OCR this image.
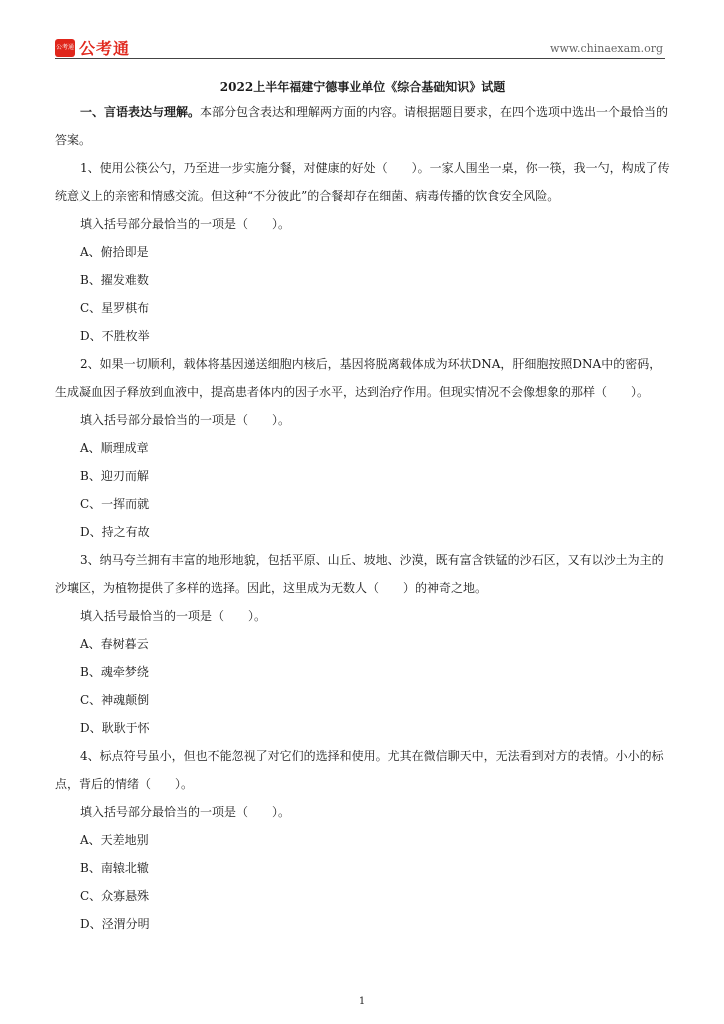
公考通 公考通	www.chinaexam.org
2022上半年福建宁德事业单位《综合基础知识》试题

一、言语表达与理解。本部分包含表达和理解两方面的内容。请根据题目要求，在四个选项中选出一个最恰当的答案。

1、使用公筷公勺，乃至进一步实施分餐，对健康的好处（　　）。一家人围坐一桌，你一筷，我一勺，构成了传统意义上的亲密和情感交流。但这种“不分彼此”的合餐却存在细菌、病毒传播的饮食安全风险。

填入括号部分最恰当的一项是（　　）。

A、俯拾即是

B、擢发难数

C、星罗棋布

D、不胜枚举

2、如果一切顺利，载体将基因递送细胞内核后，基因将脱离载体成为环状DNA，肝细胞按照DNA中的密码，生成凝血因子释放到血液中，提高患者体内的因子水平，达到治疗作用。但现实情况不会像想象的那样（　　）。

填入括号部分最恰当的一项是（　　）。

A、顺理成章

B、迎刃而解

C、一挥而就

D、持之有故

3、纳马夸兰拥有丰富的地形地貌，包括平原、山丘、坡地、沙漠，既有富含铁锰的沙石区，又有以沙土为主的沙壤区，为植物提供了多样的选择。因此，这里成为无数人（　　）的神奇之地。

填入括号最恰当的一项是（　　）。

A、春树暮云

B、魂牵梦绕

C、神魂颠倒

D、耿耿于怀

4、标点符号虽小，但也不能忽视了对它们的选择和使用。尤其在微信聊天中，无法看到对方的表情。小小的标点，背后的情绪（　　）。

填入括号部分最恰当的一项是（　　）。

A、天差地别

B、南辕北辙

C、众寡悬殊

D、泾渭分明

1
